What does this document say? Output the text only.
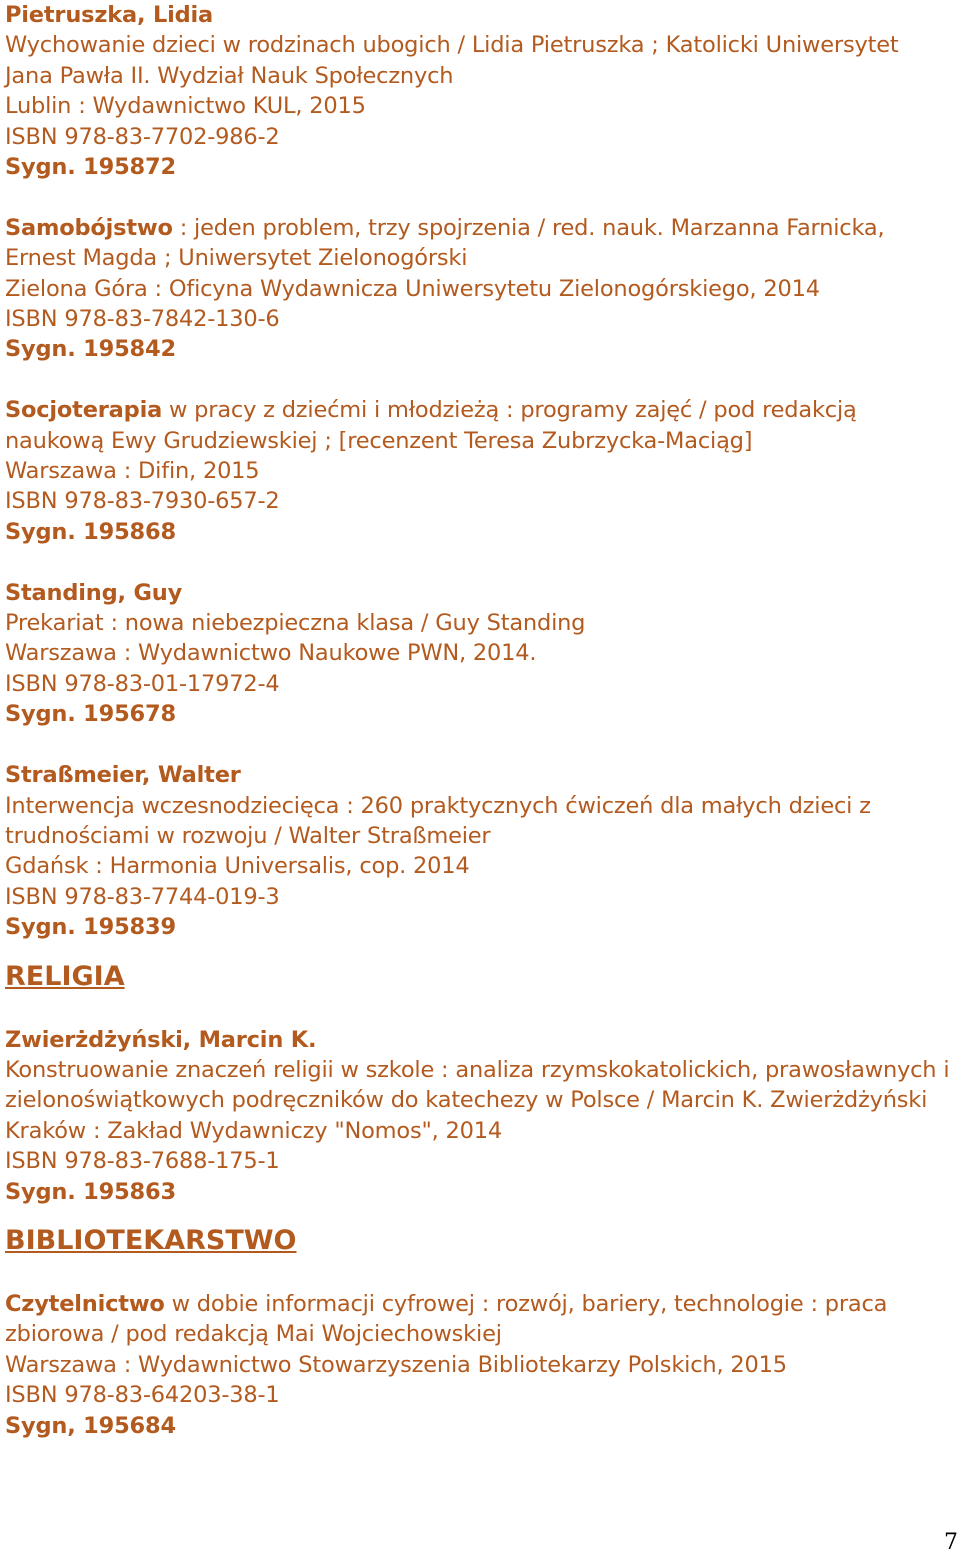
Pietruszka, Lidia
Wychowanie dzieci w rodzinach ubogich / Lidia Pietruszka ; Katolicki Uniwersytet
Jana Pawła II. Wydział Nauk Społecznych
Lublin : Wydawnictwo KUL, 2015
ISBN 978-83-7702-986-2
Sygn. 195872
Samobójstwo : jeden problem, trzy spojrzenia / red. nauk. Marzanna Farnicka,
Ernest Magda ; Uniwersytet Zielonogórski
Zielona Góra : Oficyna Wydawnicza Uniwersytetu Zielonogórskiego, 2014
ISBN 978-83-7842-130-6
Sygn. 195842
Socjoterapia w pracy z dziećmi i młodzieżą : programy zajęć / pod redakcją
naukową Ewy Grudziewskiej ; [recenzent Teresa Zubrzycka-Maciąg]
Warszawa : Difin, 2015
ISBN 978-83-7930-657-2
Sygn. 195868
Standing, Guy
Prekariat : nowa niebezpieczna klasa / Guy Standing
Warszawa : Wydawnictwo Naukowe PWN, 2014.
ISBN 978-83-01-17972-4
Sygn. 195678
Straßmeier, Walter
Interwencja wczesnodziecięca : 260 praktycznych ćwiczeń dla małych dzieci z
trudnościami w rozwoju / Walter Straßmeier
Gdańsk : Harmonia Universalis, cop. 2014
ISBN 978-83-7744-019-3
Sygn. 195839
RELIGIA
Zwierżdżyński, Marcin K.
Konstruowanie znaczeń religii w szkole : analiza rzymskokatolickich, prawosławnych i
zielonoświątkowych podręczników do katechezy w Polsce / Marcin K. Zwierżdżyński
Kraków : Zakład Wydawniczy "Nomos", 2014
ISBN 978-83-7688-175-1
Sygn. 195863
BIBLIOTEKARSTWO
Czytelnictwo w dobie informacji cyfrowej : rozwój, bariery, technologie : praca
zbiorowa / pod redakcją Mai Wojciechowskiej
Warszawa : Wydawnictwo Stowarzyszenia Bibliotekarzy Polskich, 2015
ISBN 978-83-64203-38-1
Sygn, 195684
7
